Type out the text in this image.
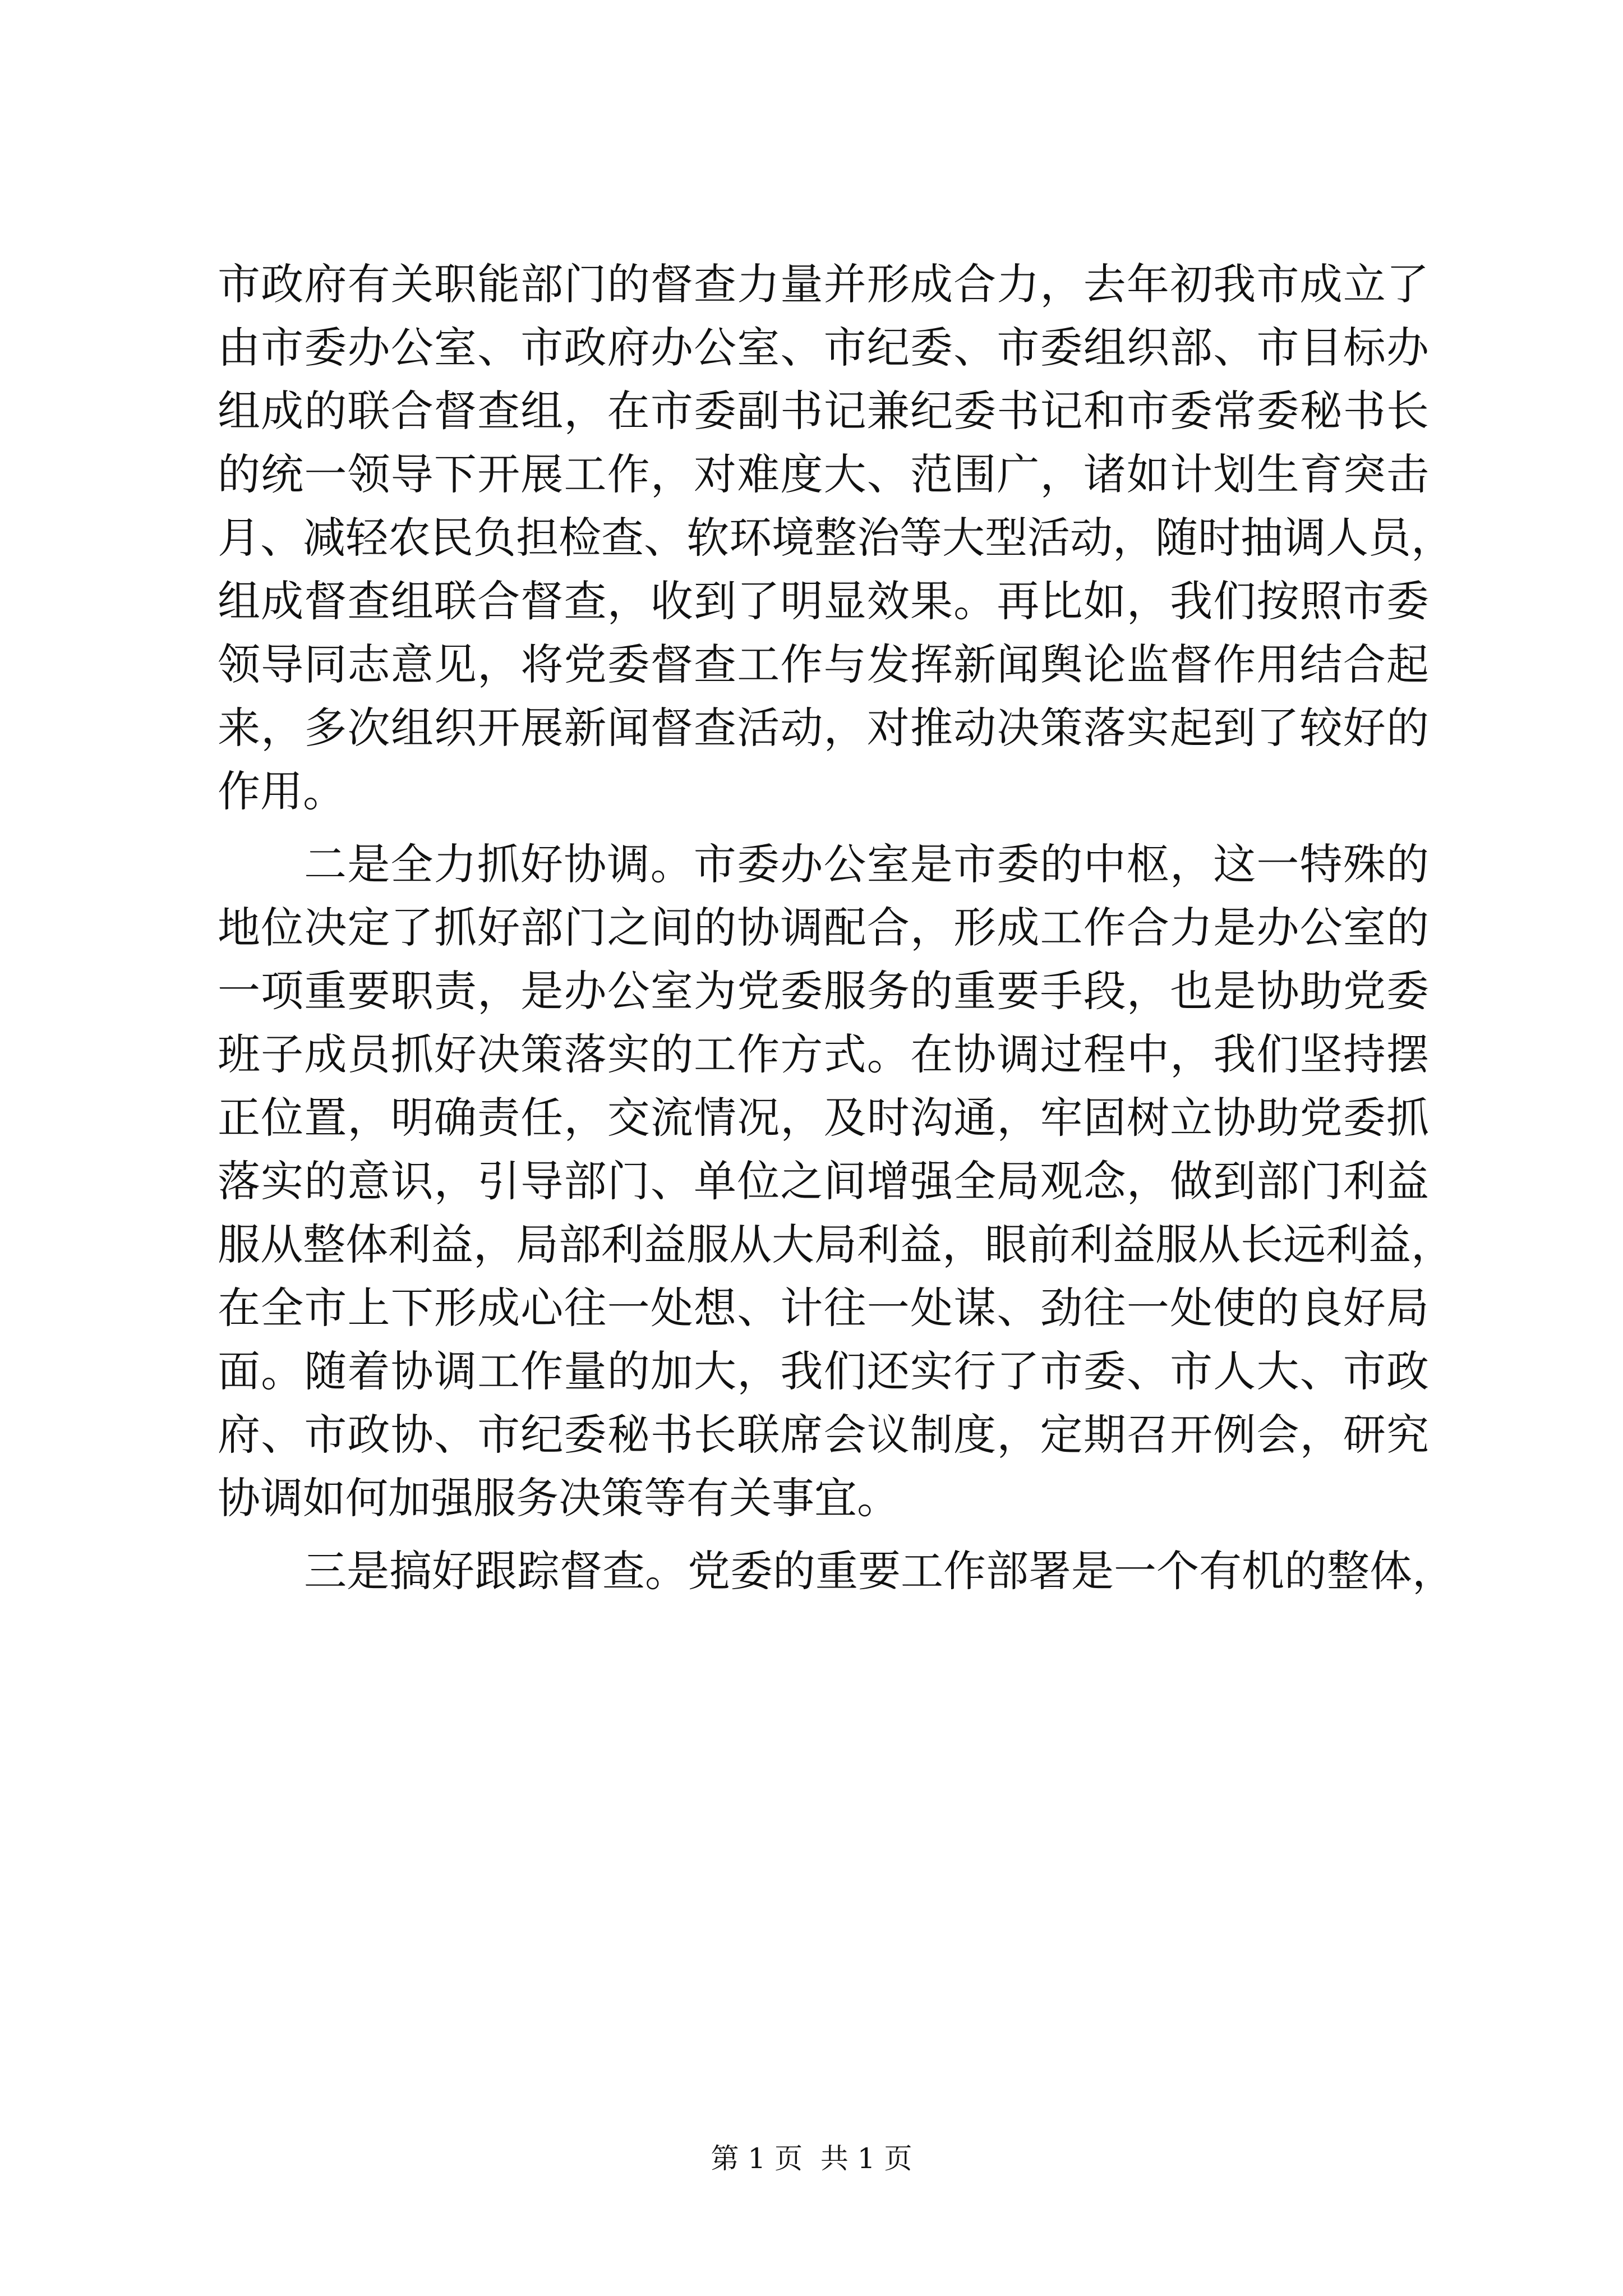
市政府有关职能部门的督查力量并形成合力，去年初我市成立了
由市委办公室、市政府办公室、市纪委、市委组织部、市目标办
组成的联合督查组，在市委副书记兼纪委书记和市委常委秘书长
的统一领导下开展工作，对难度大、范围广，诸如计划生育突击
月、减轻农民负担检查、软环境整治等大型活动，随时抽调人员，
组成督查组联合督查，收到了明显效果。再比如，我们按照市委
领导同志意见，将党委督查工作与发挥新闻舆论监督作用结合起
来，多次组织开展新闻督查活动，对推动决策落实起到了较好的
作用。
二是全力抓好协调。市委办公室是市委的中枢，这一特殊的
地位决定了抓好部门之间的协调配合，形成工作合力是办公室的
一项重要职责，是办公室为党委服务的重要手段，也是协助党委
班子成员抓好决策落实的工作方式。在协调过程中，我们坚持摆
正位置，明确责任，交流情况，及时沟通，牢固树立协助党委抓
落实的意识，引导部门、单位之间增强全局观念，做到部门利益
服从整体利益，局部利益服从大局利益，眼前利益服从长远利益，
在全市上下形成心往一处想、计往一处谋、劲往一处使的良好局
面。随着协调工作量的加大，我们还实行了市委、市人大、市政
府、市政协、市纪委秘书长联席会议制度，定期召开例会，研究
协调如何加强服务决策等有关事宜。
三是搞好跟踪督查。党委的重要工作部署是一个有机的整体，
第 1 页  共 1 页
